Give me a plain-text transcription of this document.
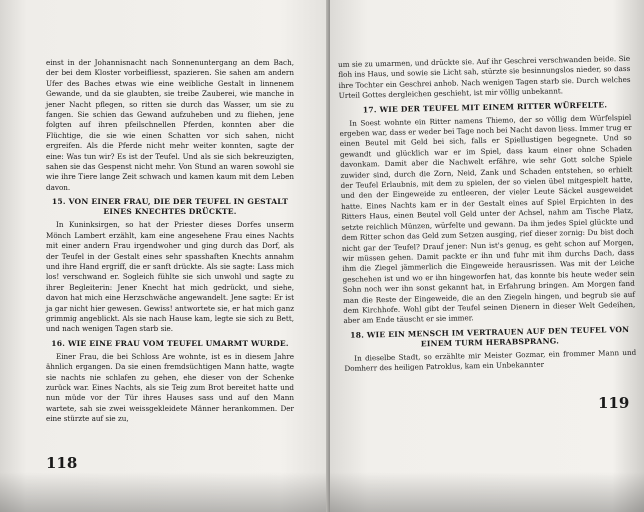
einst in der Johannisnacht nach Sonnenuntergang an dem Bach, der bei dem Kloster vorbeifliesst, spazieren. Sie sahen am andern Ufer des Baches etwas wie eine weibliche Gestalt in linnenem Gewande, und da sie glaubten, sie treibe Zauberei, wie manche in jener Nacht pflegen, so ritten sie durch das Wasser, um sie zu fangen. Sie schien das Gewand aufzuheben und zu fliehen, jene folgten auf ihren pfeilschnellen Pferden, konnten aber die Flüchtige, die sie wie einen Schatten vor sich sahen, nicht ergreifen. Als die Pferde nicht mehr weiter konnten, sagte der eine: Was tun wir? Es ist der Teufel. Und als sie sich bekreuzigten, sahen sie das Gespenst nicht mehr. Von Stund an waren sowohl sie wie ihre Tiere lange Zeit schwach und kamen kaum mit dem Leben davon.

15. VON EINER FRAU, DIE DER TEUFEL IN GESTALT EINES KNECHTES DRÜCKTE.

In Kuninksirgen, so hat der Priester dieses Dorfes unserm Mönch Lambert erzählt, kam eine angesehene Frau eines Nachts mit einer andern Frau irgendwoher und ging durch das Dorf, als der Teufel in der Gestalt eines sehr spasshaften Knechts annahm und ihre Hand ergriff, die er sanft drückte. Als sie sagte: Lass mich los! verschwand er. Sogleich fühlte sie sich unwohl und sagte zu ihrer Begleiterin: Jener Knecht hat mich gedrückt, und siehe, davon hat mich eine Herzschwäche angewandelt. Jene sagte: Er ist ja gar nicht hier gewesen. Gewiss! antwortete sie, er hat mich ganz grimmig angeblickt. Als sie nach Hause kam, legte sie sich zu Bett, und nach wenigen Tagen starb sie.

16. WIE EINE FRAU VOM TEUFEL UMARMT WURDE.

Einer Frau, die bei Schloss Are wohnte, ist es in diesem Jahre ähnlich ergangen. Da sie einen fremdsüchtigen Mann hatte, wagte sie nachts nie schlafen zu gehen, ehe dieser von der Schenke zurück war. Eines Nachts, als sie Teig zum Brot bereitet hatte und nun müde vor der Tür ihres Hauses sass und auf den Mann wartete, sah sie zwei weissgekleidete Männer herankommen. Der eine stürzte auf sie zu,

118

um sie zu umarmen, und drückte sie. Auf ihr Geschrei verschwanden beide. Sie floh ins Haus, und sowie sie Licht sah, stürzte sie besinnungslos nieder, so dass ihre Tochter ein Geschrei anhob. Nach wenigen Tagen starb sie. Durch welches Urteil Gottes dergleichen geschieht, ist mir völlig unbekannt.

17. WIE DER TEUFEL MIT EINEM RITTER WÜRFELTE.

In Soest wohnte ein Ritter namens Thiemo, der so völlig dem Würfelspiel ergeben war, dass er weder bei Tage noch bei Nacht davon liess. Immer trug er einen Beutel mit Geld bei sich, falls er Spiellustigen begegnete. Und so gewandt und glücklich war er im Spiel, dass kaum einer ohne Schaden davonkam. Damit aber die Nachwelt erfähre, wie sehr Gott solche Spiele zuwider sind, durch die Zorn, Neid, Zank und Schaden entstehen, so erhielt der Teufel Erlaubnis, mit dem zu spielen, der so vielen übel mitgespielt hatte, und den der Eingeweide zu entleeren, der vieler Leute Säckel ausgeweidet hatte. Eines Nachts kam er in der Gestalt eines auf Spiel Erpichten in des Ritters Haus, einen Beutel voll Geld unter der Achsel, nahm am Tische Platz, setzte reichlich Münzen, würfelte und gewann. Da ihm jedes Spiel glückte und dem Ritter schon das Geld zum Setzen ausging, rief dieser zornig: Du bist doch nicht gar der Teufel? Drauf jener: Nun ist's genug, es geht schon auf Morgen, wir müssen gehen. Damit packte er ihn und fuhr mit ihm durchs Dach, dass ihm die Ziegel jämmerlich die Eingeweide herausrissen. Was mit der Leiche geschehen ist und wo er ihn hingeworfen hat, das konnte bis heute weder sein Sohn noch wer ihn sonst gekannt hat, in Erfahrung bringen. Am Morgen fand man die Reste der Eingeweide, die an den Ziegeln hingen, und begrub sie auf dem Kirchhofe. Wohl gibt der Teufel seinen Dienern in dieser Welt Gedeihen, aber am Ende täuscht er sie immer.

18. WIE EIN MENSCH IM VERTRAUEN AUF DEN TEUFEL VON EINEM TURM HERABSPRANG.

In dieselbe Stadt, so erzählte mir Meister Gozmar, ein frommer Mann und Domherr des heiligen Patroklus, kam ein Unbekannter

119
